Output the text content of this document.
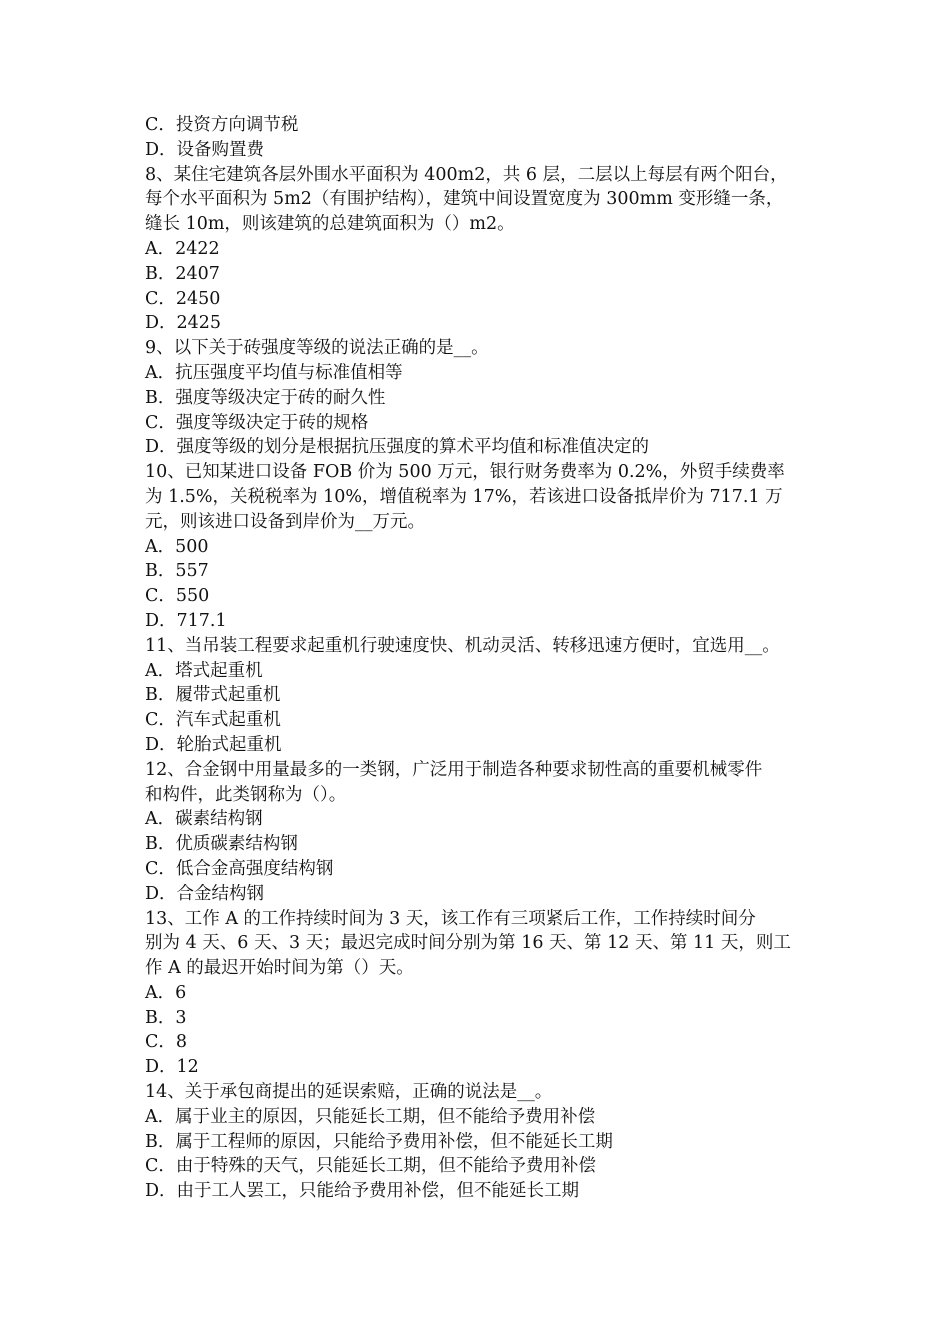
C．投资方向调节税
D．设备购置费
8、某住宅建筑各层外围水平面积为 400m2，共 6 层，二层以上每层有两个阳台，
每个水平面积为 5m2（有围护结构），建筑中间设置宽度为 300mm 变形缝一条，
缝长 10m，则该建筑的总建筑面积为（）m2。
A．2422
B．2407
C．2450
D．2425
9、以下关于砖强度等级的说法正确的是__。
A．抗压强度平均值与标准值相等
B．强度等级决定于砖的耐久性
C．强度等级决定于砖的规格
D．强度等级的划分是根据抗压强度的算术平均值和标准值决定的
10、已知某进口设备 FOB 价为 500 万元，银行财务费率为 0.2%，外贸手续费率
为 1.5%，关税税率为 10%，增值税率为 17%，若该进口设备抵岸价为 717.1 万
元，则该进口设备到岸价为__万元。
A．500
B．557
C．550
D．717.1
11、当吊装工程要求起重机行驶速度快、机动灵活、转移迅速方便时，宜选用__。
A．塔式起重机
B．履带式起重机
C．汽车式起重机
D．轮胎式起重机
12、合金钢中用量最多的一类钢，广泛用于制造各种要求韧性高的重要机械零件
和构件，此类钢称为（）。
A．碳素结构钢
B．优质碳素结构钢
C．低合金高强度结构钢
D．合金结构钢
13、工作 A 的工作持续时间为 3 天，该工作有三项紧后工作，工作持续时间分
别为 4 天、6 天、3 天；最迟完成时间分别为第 16 天、第 12 天、第 11 天，则工
作 A 的最迟开始时间为第（）天。
A．6
B．3
C．8
D．12
14、关于承包商提出的延误索赔，正确的说法是__。
A．属于业主的原因，只能延长工期，但不能给予费用补偿
B．属于工程师的原因，只能给予费用补偿，但不能延长工期
C．由于特殊的天气，只能延长工期，但不能给予费用补偿
D．由于工人罢工，只能给予费用补偿，但不能延长工期
